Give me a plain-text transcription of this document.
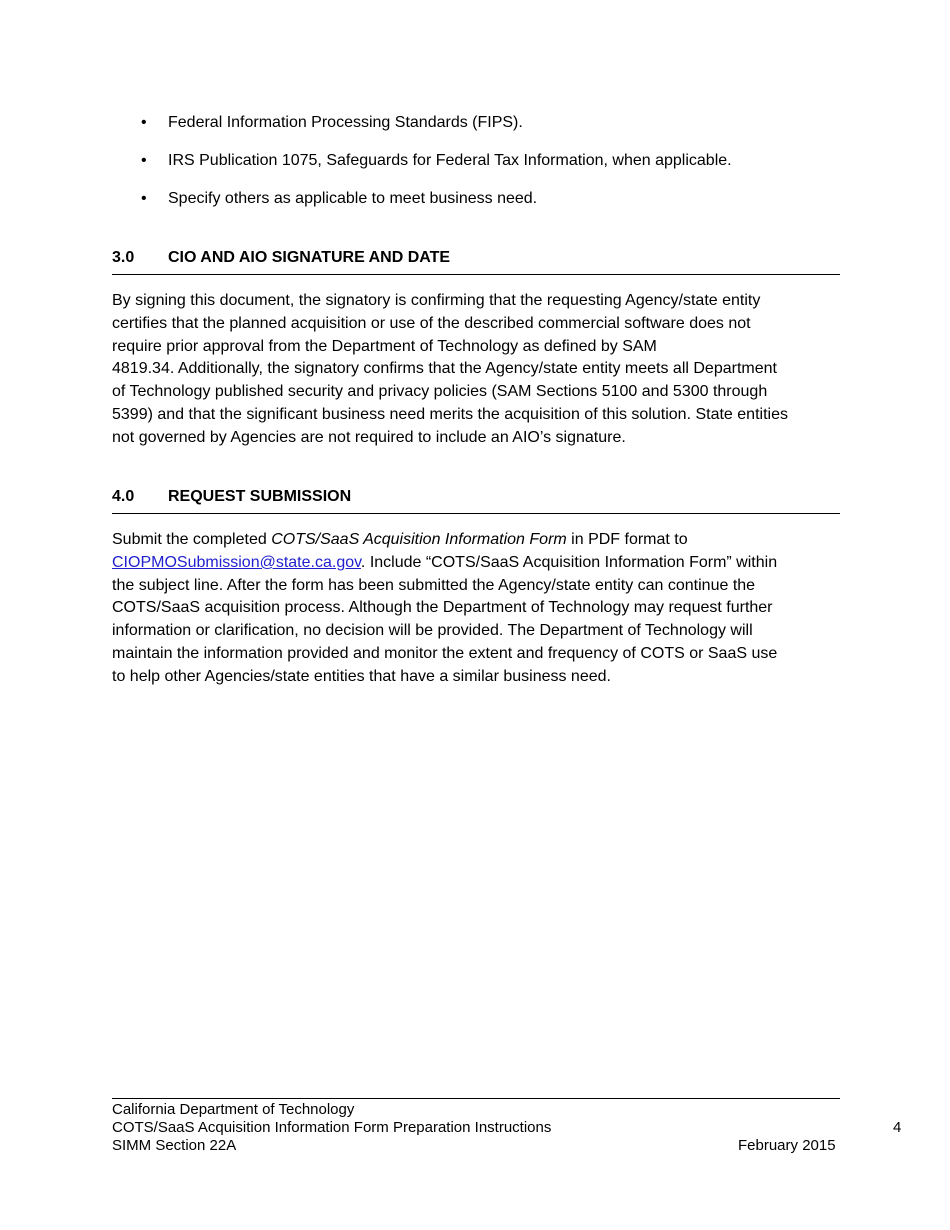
• Federal Information Processing Standards (FIPS).
• IRS Publication 1075, Safeguards for Federal Tax Information, when applicable.
• Specify others as applicable to meet business need.
3.0 CIO AND AIO SIGNATURE AND DATE
By signing this document, the signatory is confirming that the requesting Agency/state entity
certifies that the planned acquisition or use of the described commercial software does not
require prior approval from the Department of Technology as defined by SAM
4819.34. Additionally, the signatory confirms that the Agency/state entity meets all Department
of Technology published security and privacy policies (SAM Sections 5100 and 5300 through
5399) and that the significant business need merits the acquisition of this solution. State entities
not governed by Agencies are not required to include an AIO’s signature.
4.0 REQUEST SUBMISSION
Submit the completed COTS/SaaS Acquisition Information Form in PDF format to
CIOPMOSubmission@state.ca.gov. Include “COTS/SaaS Acquisition Information Form” within
the subject line. After the form has been submitted the Agency/state entity can continue the
COTS/SaaS acquisition process. Although the Department of Technology may request further
information or clarification, no decision will be provided. The Department of Technology will
maintain the information provided and monitor the extent and frequency of COTS or SaaS use
to help other Agencies/state entities that have a similar business need.
California Department of Technology
COTS/SaaS Acquisition Information Form Preparation Instructions
SIMM Section 22A	February 2015
4
